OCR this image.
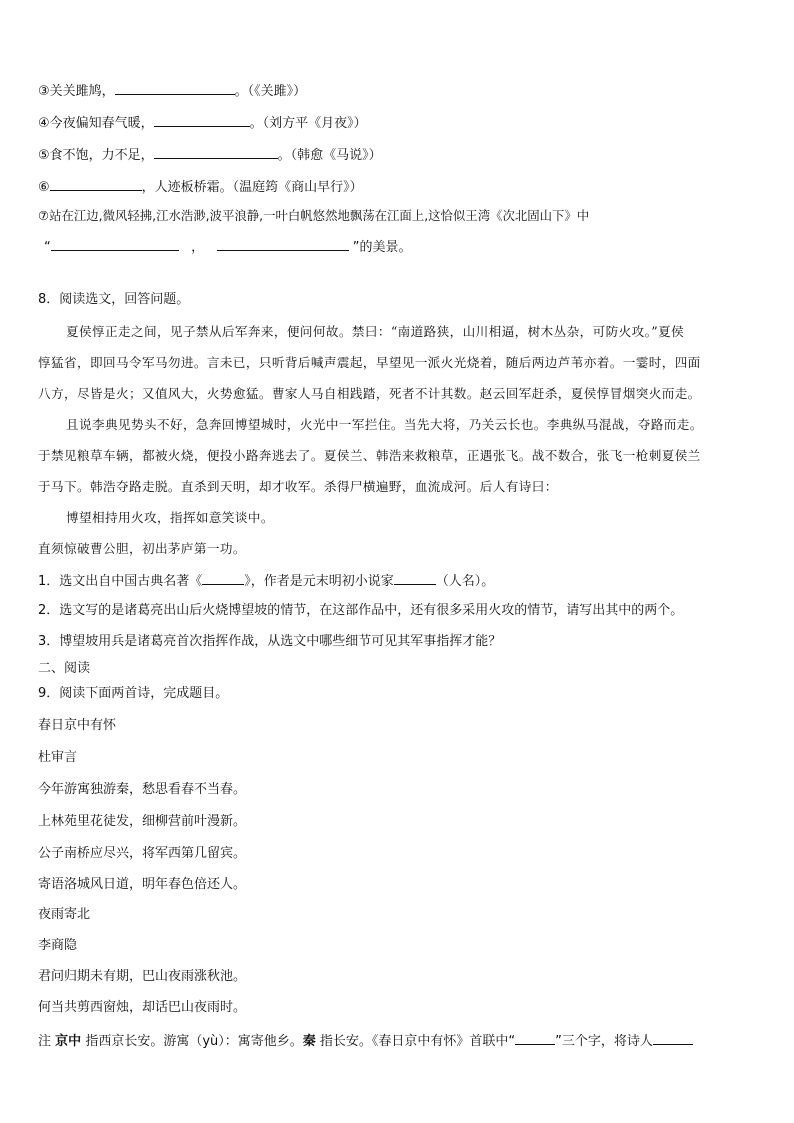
③关关雎鸠，	。（《关雎》）
④今夜偏知春气暖，	。（刘方平《月夜》）
⑤食不饱，力不足，	。（韩愈《马说》）
⑥	，人迹板桥霜。（温庭筠《商山早行》）
⑦站在江边,微风轻拂,江水浩渺,波平浪静,一叶白帆悠然地飘荡在江面上,这恰似王湾《次北固山下》中
“	，	”的美景。
8．阅读选文，回答问题。
夏侯惇正走之间，见子禁从后军奔来，便问何故。禁曰：“南道路狭，山川相逼，树木丛杂，可防火攻。”夏侯
惇猛省，即回马令军马勿进。言未已，只听背后喊声震起，早望见一派火光烧着，随后两边芦苇亦着。一霎时，四面
八方，尽皆是火；又值风大，火势愈猛。曹家人马自相践踏，死者不计其数。赵云回军赶杀，夏侯惇冒烟突火而走。
且说李典见势头不好，急奔回博望城时，火光中一军拦住。当先大将，乃关云长也。李典纵马混战，夺路而走。
于禁见粮草车辆，都被火烧，便投小路奔逃去了。夏侯兰、韩浩来救粮草，正遇张飞。战不数合，张飞一枪刺夏侯兰
于马下。韩浩夺路走脱。直杀到天明，却才收军。杀得尸横遍野，血流成河。后人有诗曰：
博望相持用火攻，指挥如意笑谈中。
直须惊破曹公胆，初出茅庐第一功。
1．选文出自中国古典名著《	》，作者是元末明初小说家	（人名）。
2．选文写的是诸葛亮出山后火烧博望坡的情节，在这部作品中，还有很多采用火攻的情节，请写出其中的两个。
3．博望坡用兵是诸葛亮首次指挥作战，从选文中哪些细节可见其军事指挥才能？
二、阅读
9．阅读下面两首诗，完成题目。
春日京中有怀
杜审言
今年游寓独游秦，愁思看春不当春。
上林苑里花徒发，细柳营前叶漫新。
公子南桥应尽兴，将军西第几留宾。
寄语洛城风日道，明年春色倍还人。
夜雨寄北
李商隐
君问归期未有期，巴山夜雨涨秋池。
何当共剪西窗烛，却话巴山夜雨时。
注 京中 指西京长安。游寓（yù）：寓寄他乡。秦 指长安。《春日京中有怀》首联中“	”三个字，将诗人
